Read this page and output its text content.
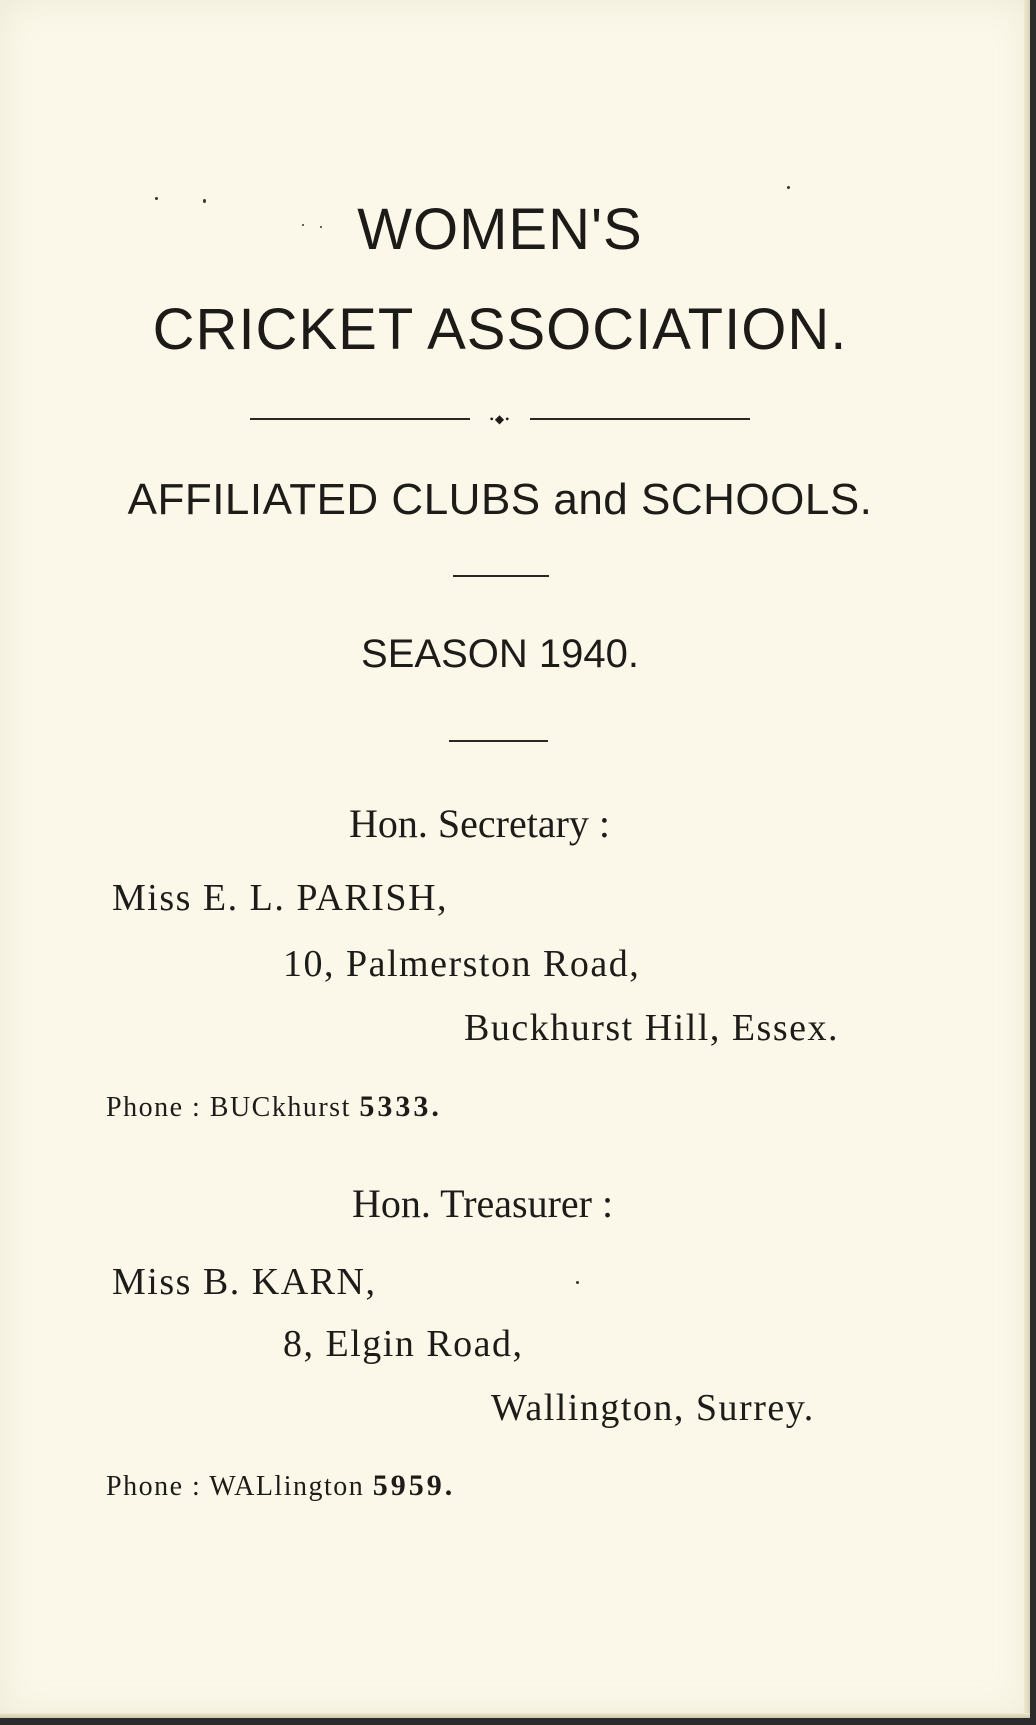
WOMEN'S
CRICKET ASSOCIATION.
•◆•
AFFILIATED CLUBS and SCHOOLS.
SEASON 1940.
Hon. Secretary :
Miss E. L. PARISH,
10, Palmerston Road,
Buckhurst Hill, Essex.
Phone : BUCkhurst 5333.
Hon. Treasurer :
Miss B. KARN,
8, Elgin Road,
Wallington, Surrey.
Phone : WALlington 5959.
